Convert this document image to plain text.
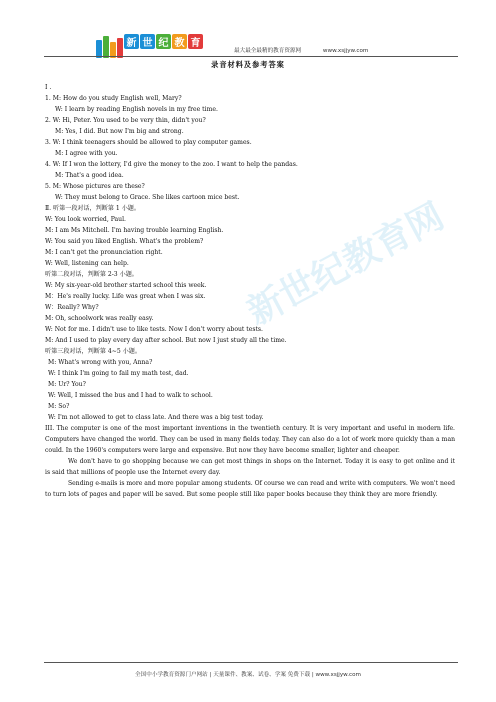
新 世 纪 教 育
最大最全最精的教育资源网	www.xsjjyw.com
录音材料及参考答案
新世纪教育网
I .
1. M: How do you study English well, Mary?
W: I learn by reading English novels in my free time.
2. W: Hi, Peter. You used to be very thin, didn't you?
M: Yes, I did. But now I'm big and strong.
3. W: I think teenagers should be allowed to play computer games.
M: I agree with you.
4. W: If I won the lottery, I'd give the money to the zoo. I want to help the pandas.
M: That's a good idea.
5. M: Whose pictures are these?
W: They must belong to Grace. She likes cartoon mice best.
Ⅱ. 听第一段对话，判断第 1 小题。
W: You look worried, Paul.
M: I am Ms Mitchell. I'm having trouble learning English.
W: You said you liked English. What's the problem?
M: I can't get the pronunciation right.
W: Well, listening can help.
听第二段对话，判断第 2-3 小题。
W: My six-year-old brother started school this week.
M：He's really lucky. Life was great when I was six.
W：Really? Why?
M: Oh, schoolwork was really easy.
W: Not for me. I didn't use to like tests. Now I don't worry about tests.
M: And I used to play every day after school. But now I just study all the time.
听第三段对话，判断第 4~5 小题。
M: What's wrong with you, Anna?
W: I think I'm going to fail my math test, dad.
M: Ur? You?
W: Well, I missed the bus and I had to walk to school.
M: So?
W: I'm not allowed to get to class late. And there was a big test today.
III. The computer is one of the most important inventions in the twentieth century. It is very important and useful in modern life. Computers have changed the world. They can be used in many fields today. They can also do a lot of work more quickly than a man could. In the 1960's computers were large and expensive. But now they have become smaller, lighter and cheaper.
We don't have to go shopping because we can get most things in shops on the Internet. Today it is easy to get online and it is said that millions of people use the Internet every day.
Sending e-mails is more and more popular among students. Of course we can read and write with computers. We won't need to turn lots of pages and paper will be saved. But some people still like paper books because they think they are more friendly.
全国中小学教育资源门户网站 | 天量课件、教案、试卷、学案 免费下载 | www.xsjjyw.com
